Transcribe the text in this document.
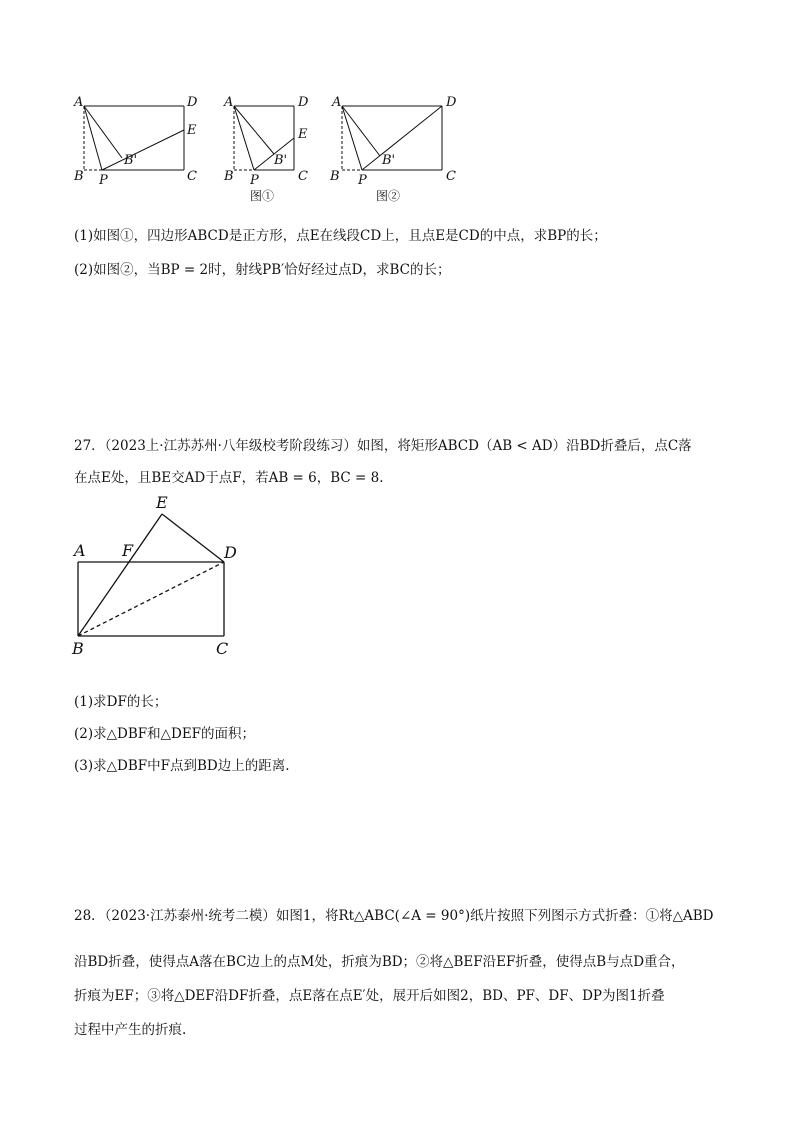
A	D
E
B'
B P	C
A	D
E
B'
B P	C
图①
A	D
B'
B P	C
图②
(1)如图①，四边形ABCD是正方形，点E在线段CD上，且点E是CD的中点，求BP的长；
(2)如图②，当BP = 2时，射线PB′恰好经过点D，求BC的长；
27．（2023上·江苏苏州·八年级校考阶段练习）如图，将矩形ABCD（AB < AD）沿BD折叠后，点C落
在点E处，且BE交AD于点F，若AB = 6，BC = 8.
E
A F	D
B	C
(1)求DF的长；
(2)求△DBF和△DEF的面积；
(3)求△DBF中F点到BD边上的距离.
28．（2023·江苏泰州·统考二模）如图1，将Rt△ABC(∠A = 90°)纸片按照下列图示方式折叠：①将△ABD
沿BD折叠，使得点A落在BC边上的点M处，折痕为BD；②将△BEF沿EF折叠，使得点B与点D重合，
折痕为EF；③将△DEF沿DF折叠，点E落在点E′处，展开后如图2，BD、PF、DF、DP为图1折叠
过程中产生的折痕.
